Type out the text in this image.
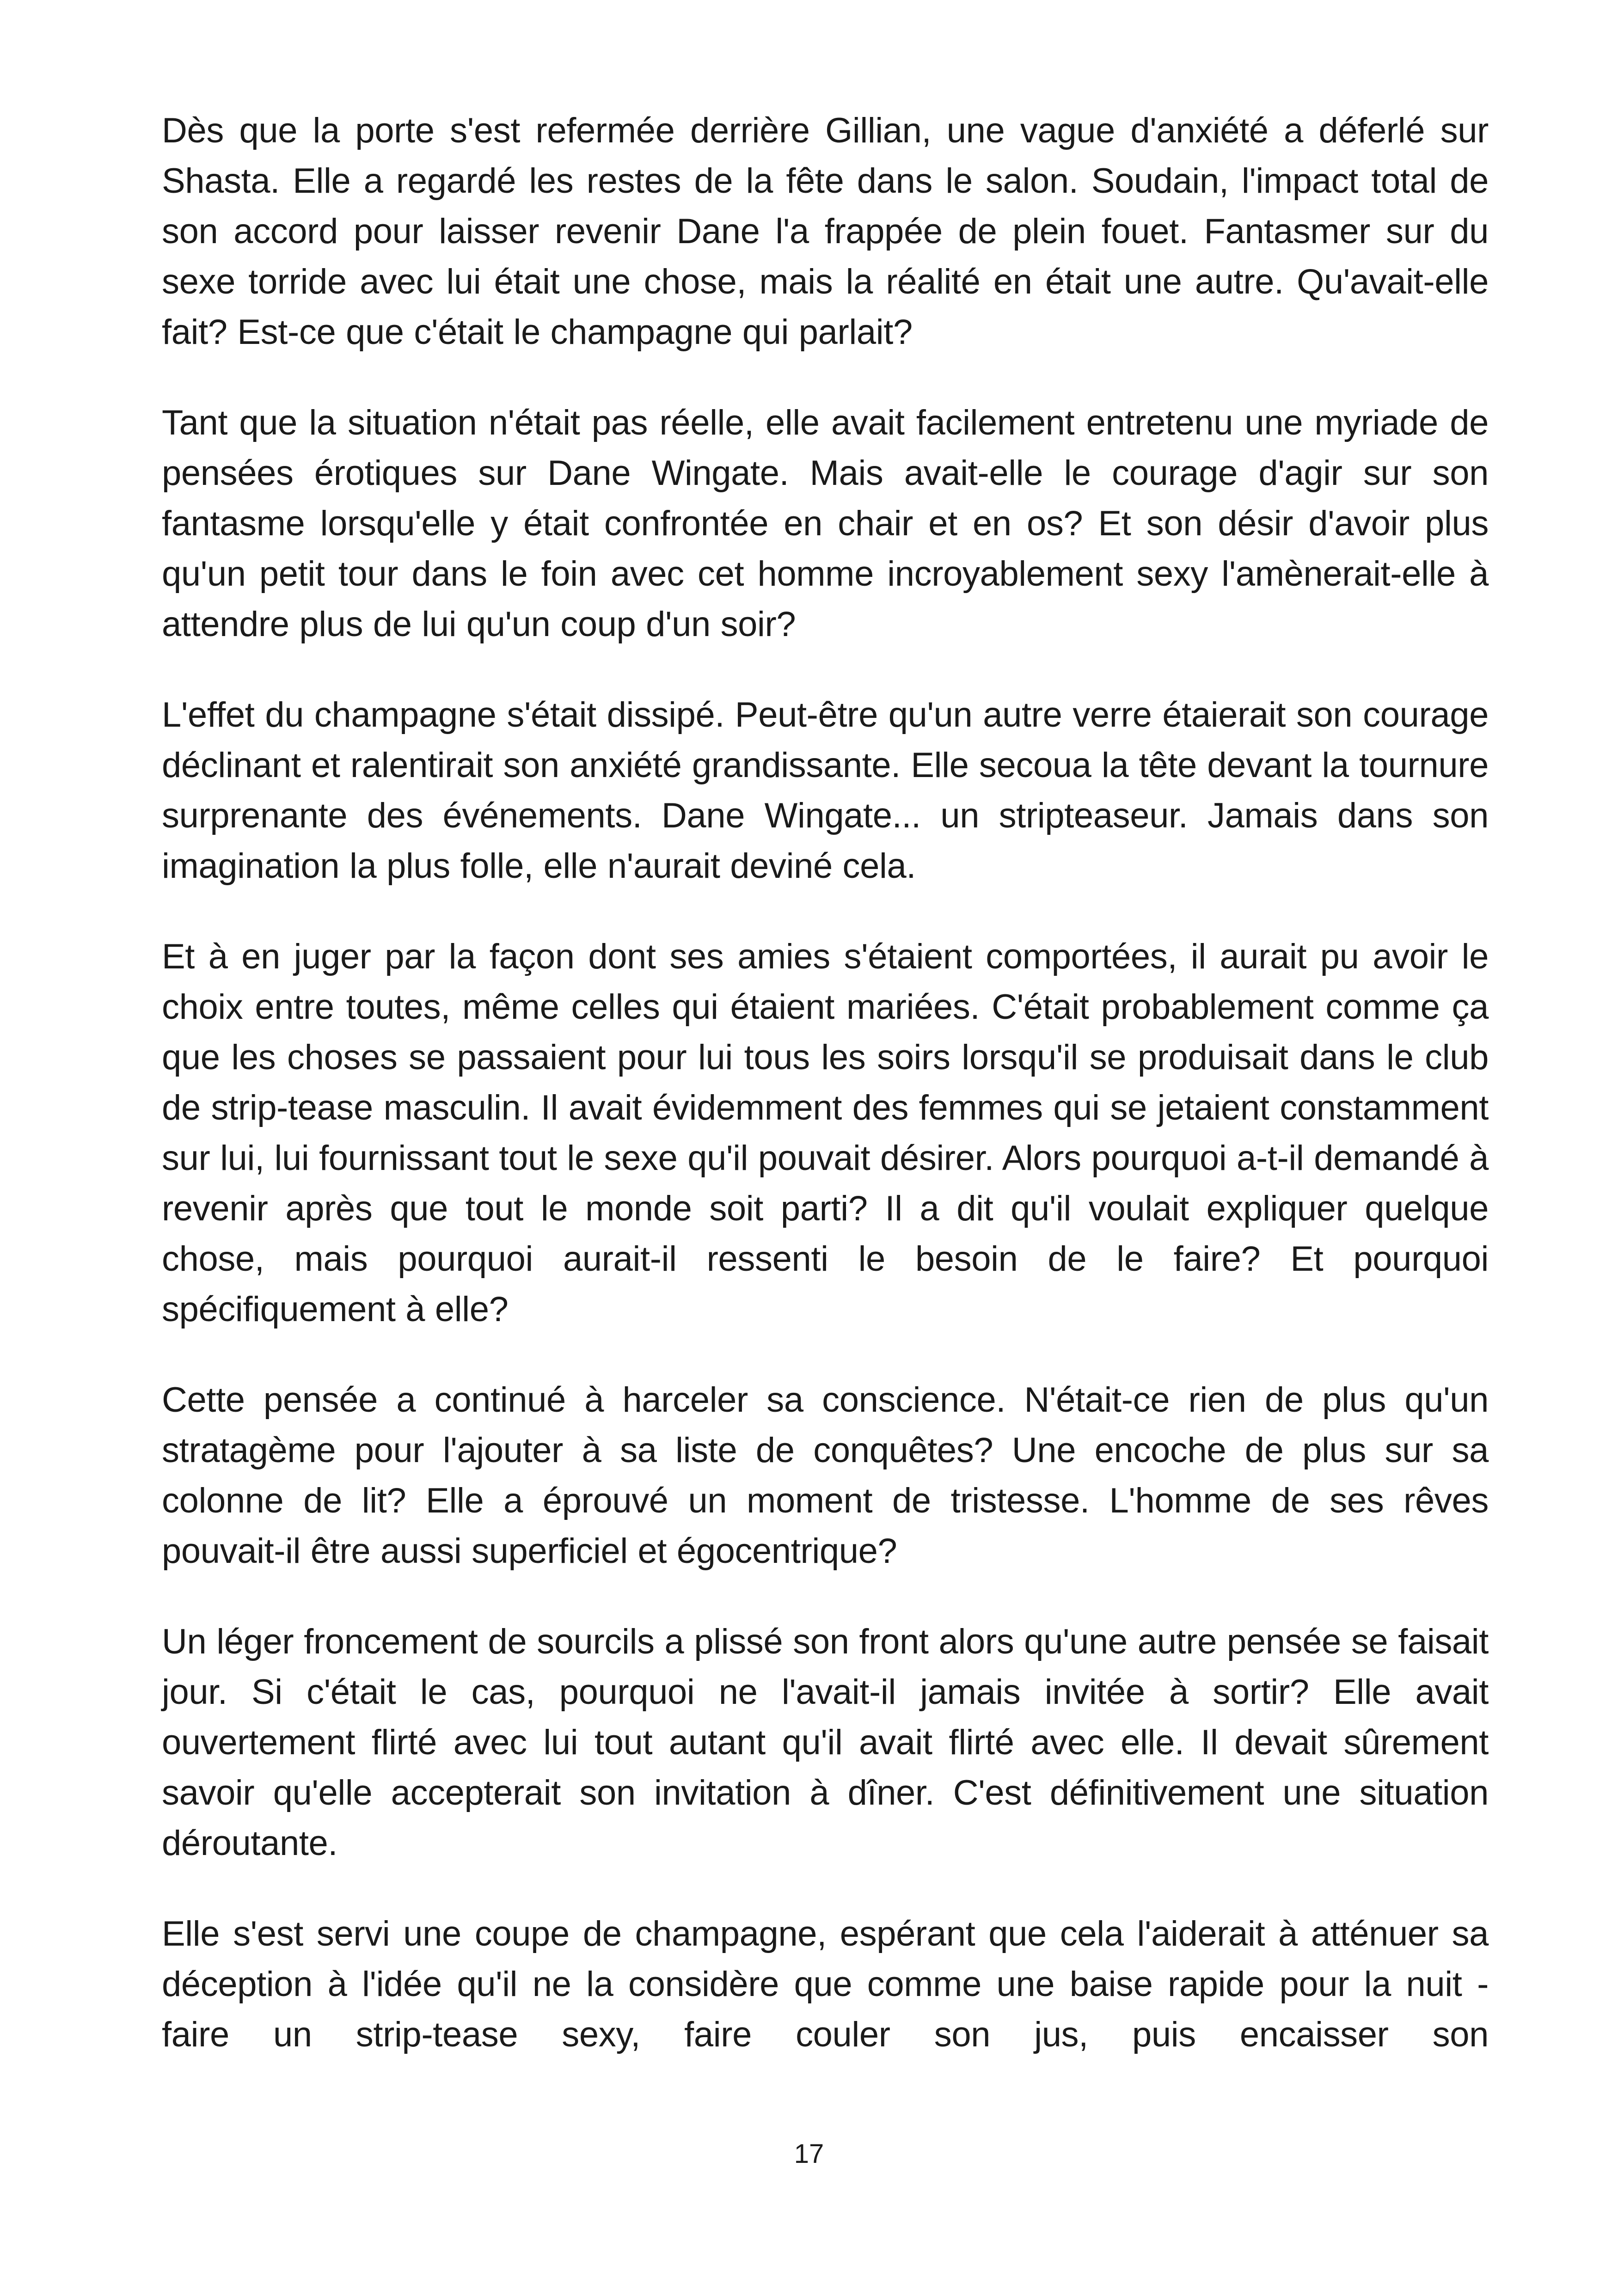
Dès que la porte s'est refermée derrière Gillian, une vague d'anxiété a déferlé sur Shasta. Elle a regardé les restes de la fête dans le salon. Soudain, l'impact total de son accord pour laisser revenir Dane l'a frappée de plein fouet. Fantasmer sur du sexe torride avec lui était une chose, mais la réalité en était une autre. Qu'avait-elle fait? Est-ce que c'était le champagne qui parlait?

Tant que la situation n'était pas réelle, elle avait facilement entretenu une myriade de pensées érotiques sur Dane Wingate. Mais avait-elle le courage d'agir sur son fantasme lorsqu'elle y était confrontée en chair et en os? Et son désir d'avoir plus qu'un petit tour dans le foin avec cet homme incroyablement sexy l'amènerait-elle à attendre plus de lui qu'un coup d'un soir?

L'effet du champagne s'était dissipé. Peut-être qu'un autre verre étaierait son courage déclinant et ralentirait son anxiété grandissante. Elle secoua la tête devant la tournure surprenante des événements. Dane Wingate... un stripteaseur. Jamais dans son imagination la plus folle, elle n'aurait deviné cela.

Et à en juger par la façon dont ses amies s'étaient comportées, il aurait pu avoir le choix entre toutes, même celles qui étaient mariées. C'était probablement comme ça que les choses se passaient pour lui tous les soirs lorsqu'il se produisait dans le club de strip-tease masculin. Il avait évidemment des femmes qui se jetaient constamment sur lui, lui fournissant tout le sexe qu'il pouvait désirer. Alors pourquoi a-t-il demandé à revenir après que tout le monde soit parti? Il a dit qu'il voulait expliquer quelque chose, mais pourquoi aurait-il ressenti le besoin de le faire? Et pourquoi spécifiquement à elle?

Cette pensée a continué à harceler sa conscience. N'était-ce rien de plus qu'un stratagème pour l'ajouter à sa liste de conquêtes? Une encoche de plus sur sa colonne de lit? Elle a éprouvé un moment de tristesse. L'homme de ses rêves pouvait-il être aussi superficiel et égocentrique?

Un léger froncement de sourcils a plissé son front alors qu'une autre pensée se faisait jour. Si c'était le cas, pourquoi ne l'avait-il jamais invitée à sortir? Elle avait ouvertement flirté avec lui tout autant qu'il avait flirté avec elle. Il devait sûrement savoir qu'elle accepterait son invitation à dîner. C'est définitivement une situation déroutante.

Elle s'est servi une coupe de champagne, espérant que cela l'aiderait à atténuer sa déception à l'idée qu'il ne la considère que comme une baise rapide pour la nuit - faire un strip-tease sexy, faire couler son jus, puis encaisser son

17
